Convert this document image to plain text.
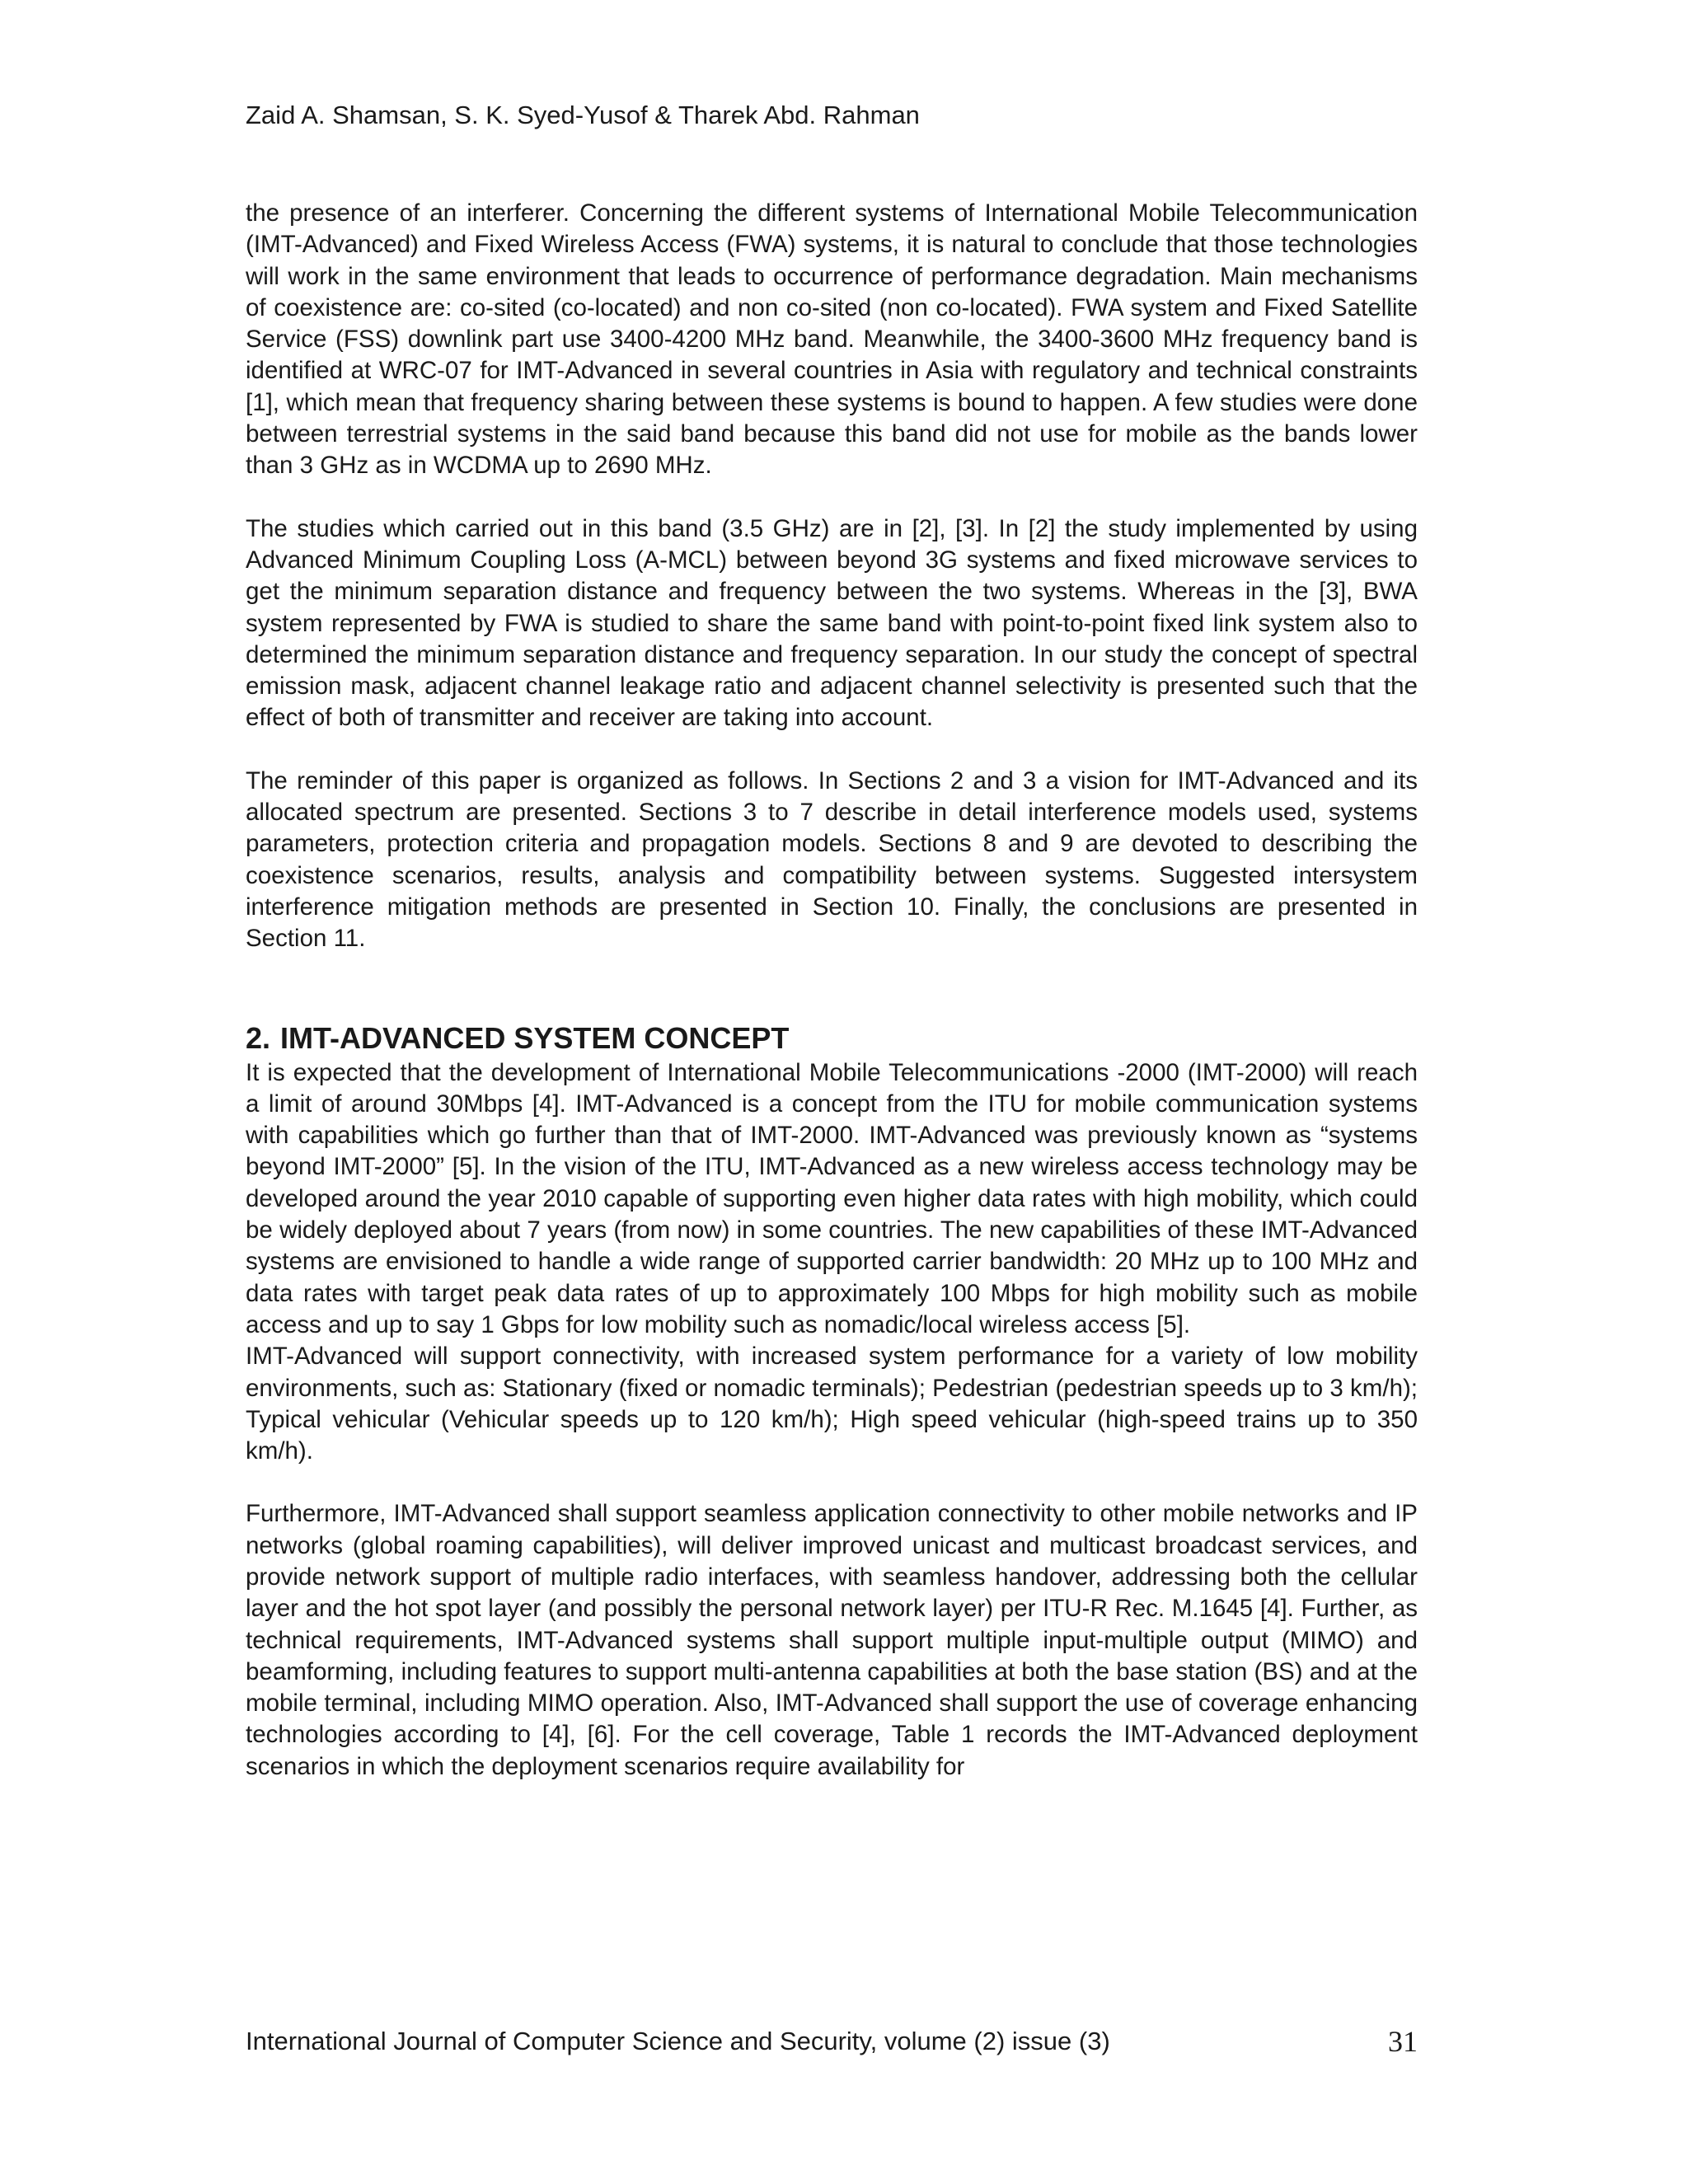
Zaid A. Shamsan, S. K. Syed-Yusof & Tharek Abd. Rahman

the presence of an interferer. Concerning the different systems of International Mobile Telecommunication (IMT-Advanced) and Fixed Wireless Access (FWA) systems, it is natural to conclude that those technologies will work in the same environment that leads to occurrence of performance degradation. Main mechanisms of coexistence are: co-sited (co-located) and non co-sited (non co-located). FWA system and Fixed Satellite Service (FSS) downlink part use 3400-4200 MHz band. Meanwhile, the 3400-3600 MHz frequency band is identified at WRC-07 for IMT-Advanced in several countries in Asia with regulatory and technical constraints [1], which mean that frequency sharing between these systems is bound to happen. A few studies were done between terrestrial systems in the said band because this band did not use for mobile as the bands lower than 3 GHz as in WCDMA up to 2690 MHz.

The studies which carried out in this band (3.5 GHz) are in [2], [3]. In [2] the study implemented by using Advanced Minimum Coupling Loss (A-MCL) between beyond 3G systems and fixed microwave services to get the minimum separation distance and frequency between the two systems. Whereas in the [3], BWA system represented by FWA is studied to share the same band with point-to-point fixed link system also to determined the minimum separation distance and frequency separation. In our study the concept of spectral emission mask, adjacent channel leakage ratio and adjacent channel selectivity is presented such that the effect of both of transmitter and receiver are taking into account.

The reminder of this paper is organized as follows. In Sections 2 and 3 a vision for IMT-Advanced and its allocated spectrum are presented. Sections 3 to 7 describe in detail interference models used, systems parameters, protection criteria and propagation models. Sections 8 and 9 are devoted to describing the coexistence scenarios, results, analysis and compatibility between systems. Suggested intersystem interference mitigation methods are presented in Section 10. Finally, the conclusions are presented in Section 11.

2. IMT-ADVANCED SYSTEM CONCEPT

It is expected that the development of International Mobile Telecommunications -2000 (IMT-2000) will reach a limit of around 30Mbps [4]. IMT-Advanced is a concept from the ITU for mobile communication systems with capabilities which go further than that of IMT-2000. IMT-Advanced was previously known as “systems beyond IMT-2000” [5]. In the vision of the ITU, IMT-Advanced as a new wireless access technology may be developed around the year 2010 capable of supporting even higher data rates with high mobility, which could be widely deployed about 7 years (from now) in some countries. The new capabilities of these IMT-Advanced systems are envisioned to handle a wide range of supported carrier bandwidth: 20 MHz up to 100 MHz and data rates with target peak data rates of up to approximately 100 Mbps for high mobility such as mobile access and up to say 1 Gbps for low mobility such as nomadic/local wireless access [5].

IMT-Advanced will support connectivity, with increased system performance for a variety of low mobility environments, such as: Stationary (fixed or nomadic terminals); Pedestrian (pedestrian speeds up to 3 km/h); Typical vehicular (Vehicular speeds up to 120 km/h); High speed vehicular (high-speed trains up to 350 km/h).

Furthermore, IMT-Advanced shall support seamless application connectivity to other mobile networks and IP networks (global roaming capabilities), will deliver improved unicast and multicast broadcast services, and provide network support of multiple radio interfaces, with seamless handover, addressing both the cellular layer and the hot spot layer (and possibly the personal network layer) per ITU-R Rec. M.1645 [4]. Further, as technical requirements, IMT-Advanced systems shall support multiple input-multiple output (MIMO) and beamforming, including features to support multi-antenna capabilities at both the base station (BS) and at the mobile terminal, including MIMO operation. Also, IMT-Advanced shall support the use of coverage enhancing technologies according to [4], [6]. For the cell coverage, Table 1 records the IMT-Advanced deployment scenarios in which the deployment scenarios require availability for

International Journal of Computer Science and Security, volume (2) issue (3)	31
